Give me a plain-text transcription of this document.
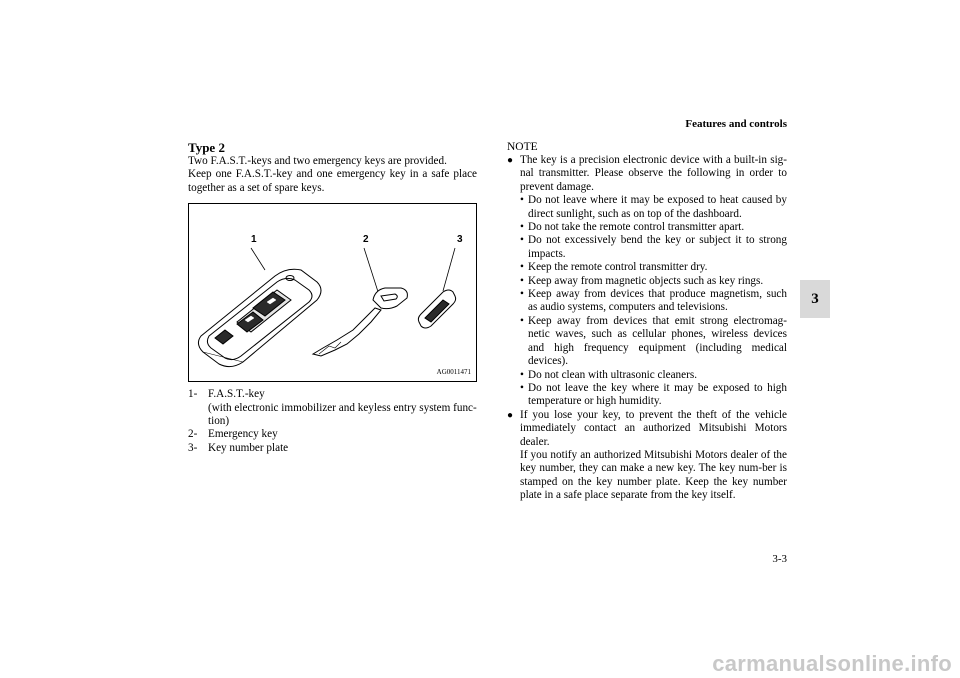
Features and controls
3
Type 2

Two F.A.S.T.-keys and two emergency keys are provided.

Keep one F.A.S.T.-key and one emergency key in a safe place

together as a set of spare keys.

1	2	3
AG0011471
1- F.A.S.T.-key
(with electronic immobilizer and keyless entry system func-
tion)
2- Emergency key
3- Key number plate
NOTE
● The key is a precision electronic device with a built-in sig-nal transmitter. Please observe the following in order to prevent damage.

• Do not leave where it may be exposed to heat caused by direct sunlight, such as on top of the dashboard.
• Do not take the remote control transmitter apart.
• Do not excessively bend the key or subject it to strong impacts.
• Keep the remote control transmitter dry.
• Keep away from magnetic objects such as key rings.
• Keep away from devices that produce magnetism, such as audio systems, computers and televisions.
• Keep away from devices that emit strong electromag-netic waves, such as cellular phones, wireless devices and high frequency equipment (including medical devices).
• Do not clean with ultrasonic cleaners.
• Do not leave the key where it may be exposed to high temperature or high humidity.
● If you lose your key, to prevent the theft of the vehicle immediately contact an authorized Mitsubishi Motors dealer.

If you notify an authorized Mitsubishi Motors dealer of the key number, they can make a new key. The key num-ber is stamped on the key number plate. Keep the key number plate in a safe place separate from the key itself.

3-3
carmanualsonline.info
